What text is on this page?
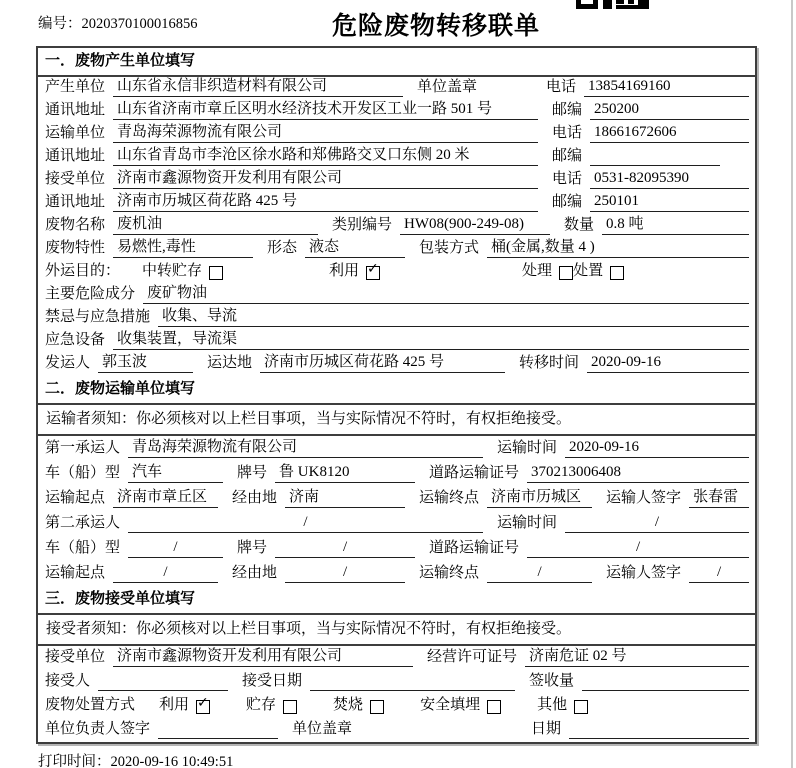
编号：2020370100016856	危险废物转移联单
一．废物产生单位填写
产生单位 山东省永信非织造材料有限公司	单位盖章	电话 13854169160
通讯地址 山东省济南市章丘区明水经济技术开发区工业一路 501 号	邮编 250200
运输单位 青岛海荣源物流有限公司	电话 18661672606
通讯地址 山东省青岛市李沧区徐水路和郑佛路交叉口东侧 20 米	邮编
接受单位 济南市鑫源物资开发利用有限公司	电话 0531-82095390
通讯地址 济南市历城区荷花路 425 号	邮编 250101
废物名称 废机油	类别编号 HW08(900-249-08)	数量 0.8 吨
废物特性 易燃性,毒性	形态 液态	包装方式 桶(金属,数量 4 )
外运目的： 中转贮存	利用 ✓	处理 处置
主要危险成分 废矿物油
禁忌与应急措施 收集、导流
应急设备 收集装置，导流渠
发运人 郭玉波	运达地 济南市历城区荷花路 425 号	转移时间 2020-09-16
二．废物运输单位填写
运输者须知：你必须核对以上栏目事项，当与实际情况不符时，有权拒绝接受。
第一承运人 青岛海荣源物流有限公司	运输时间 2020-09-16
车（船）型 汽车	牌号 鲁 UK8120	道路运输证号 370213006408
运输起点 济南市章丘区	经由地 济南	运输终点 济南市历城区	运输人签字 张春雷
第二承运人	/	运输时间	/
车（船）型	/	牌号	/	道路运输证号	/
运输起点	/	经由地	/	运输终点	/	运输人签字	/
三．废物接受单位填写
接受者须知：你必须核对以上栏目事项，当与实际情况不符时，有权拒绝接受。
接受单位 济南市鑫源物资开发利用有限公司	经营许可证号 济南危证 02 号
接受人	接受日期	签收量
废物处置方式 利用 ✓ 贮存	焚烧	安全填埋	其他
单位负责人签字	单位盖章	日期
打印时间：2020-09-16 10:49:51
